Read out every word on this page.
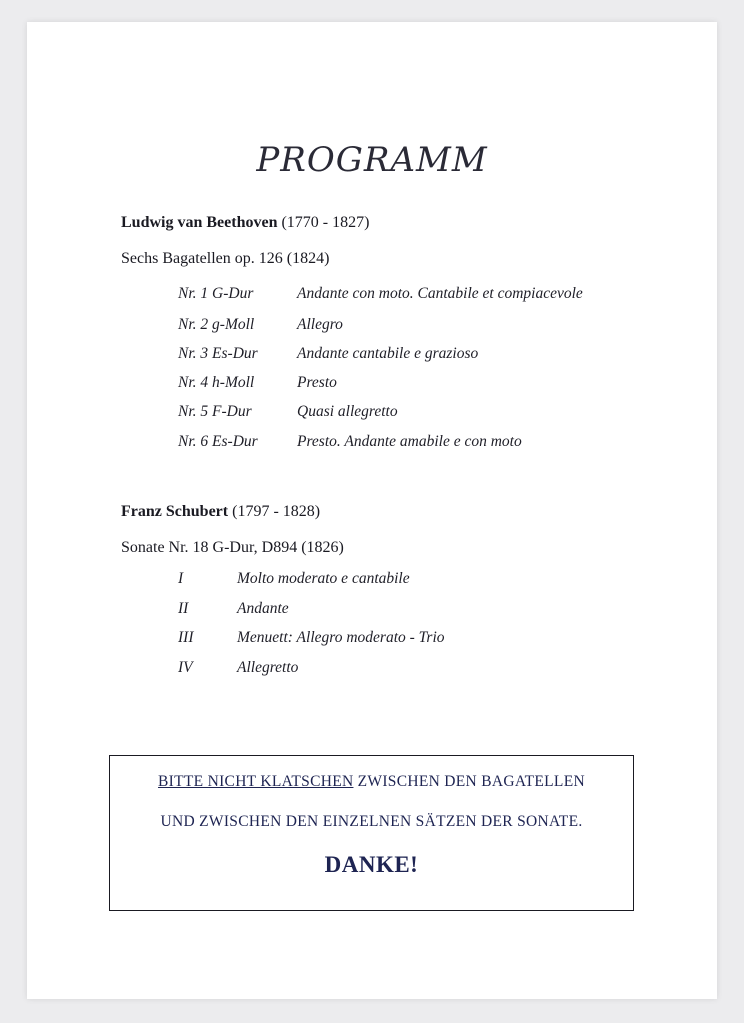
PROGRAMM
Ludwig van Beethoven (1770 - 1827)
Sechs Bagatellen op. 126 (1824)
Nr. 1 G-Dur	Andante con moto. Cantabile et compiacevole
Nr. 2 g-Moll	Allegro
Nr. 3 Es-Dur	Andante cantabile e grazioso
Nr. 4 h-Moll	Presto
Nr. 5 F-Dur	Quasi allegretto
Nr. 6 Es-Dur	Presto. Andante amabile e con moto
Franz Schubert (1797 - 1828)
Sonate Nr. 18 G-Dur, D894 (1826)
I	Molto moderato e cantabile
II	Andante
III	Menuett: Allegro moderato - Trio
IV	Allegretto
BITTE NICHT KLATSCHEN ZWISCHEN DEN BAGATELLEN
UND ZWISCHEN DEN EINZELNEN SÄTZEN DER SONATE.
DANKE!
